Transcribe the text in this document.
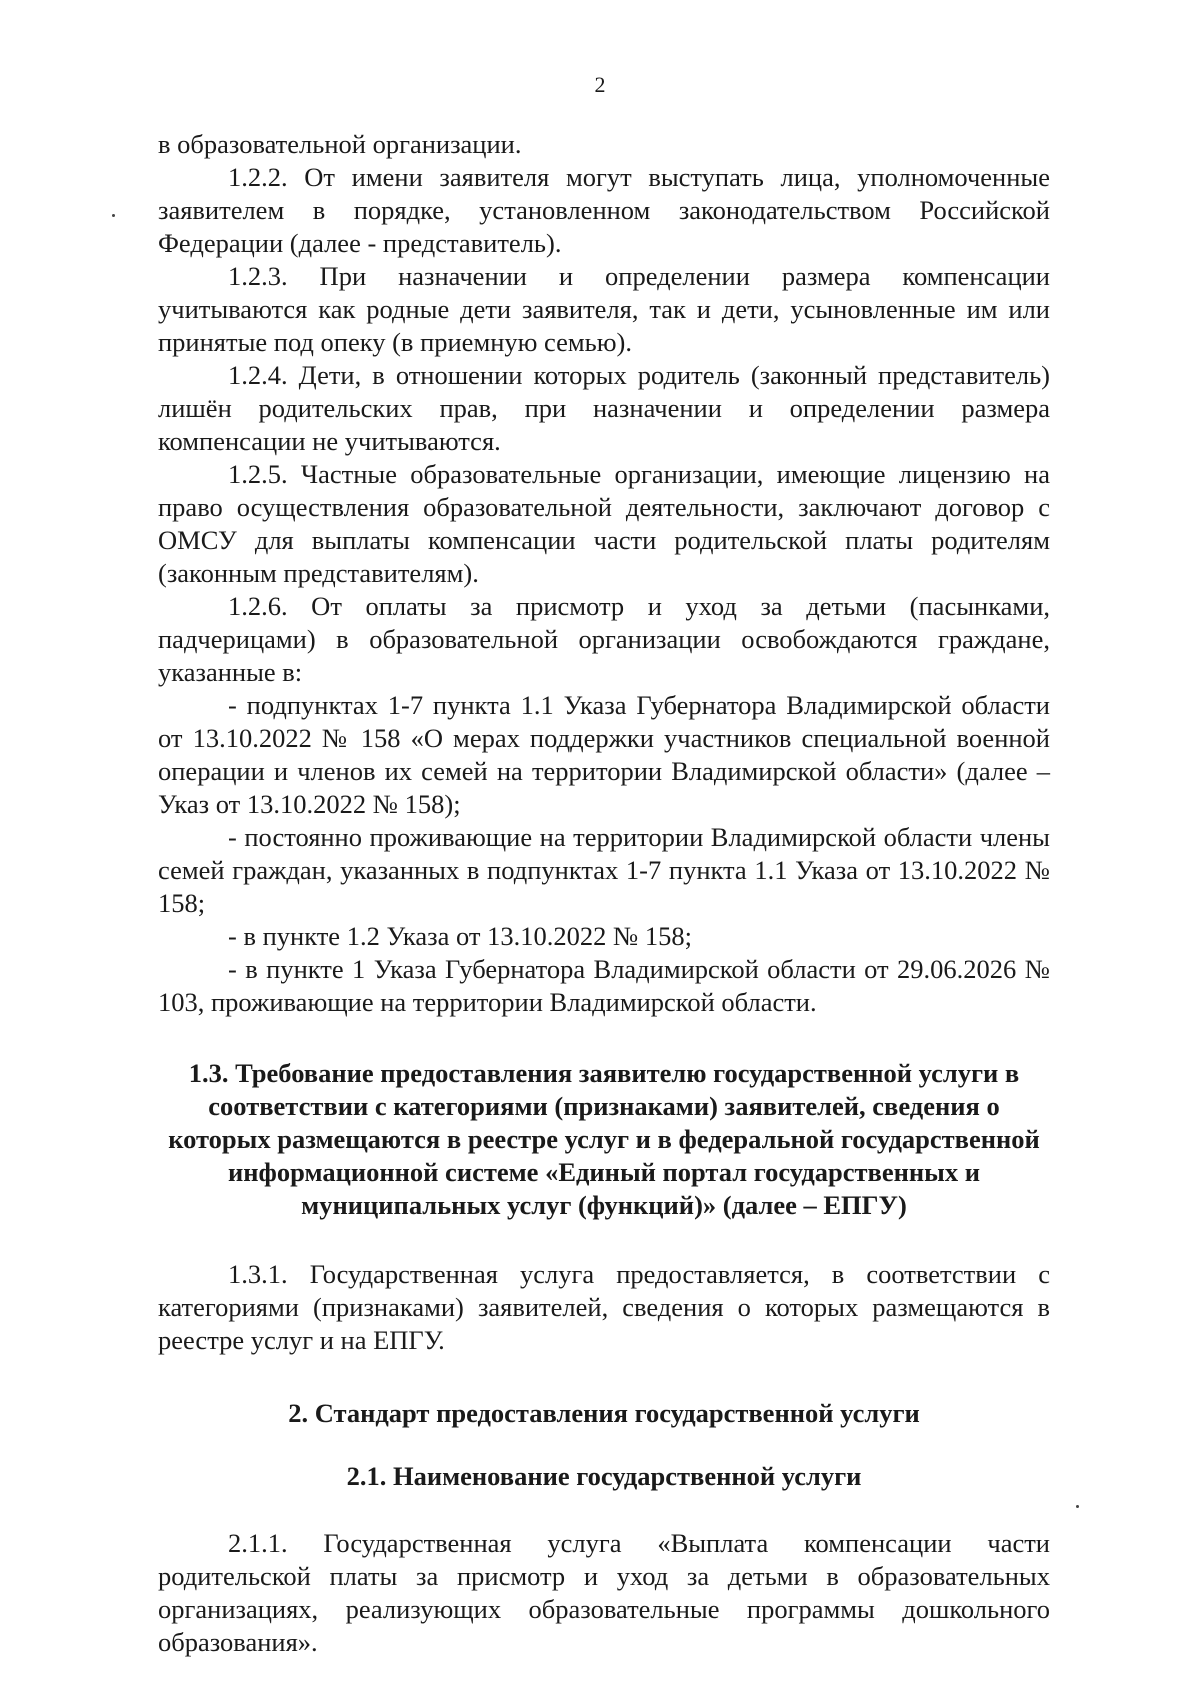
2

в образовательной организации.

1.2.2. От имени заявителя могут выступать лица, уполномоченные заявителем в порядке, установленном законодательством Российской Федерации (далее - представитель).

1.2.3. При назначении и определении размера компенсации учитываются как родные дети заявителя, так и дети, усыновленные им или принятые под опеку (в приемную семью).

1.2.4. Дети, в отношении которых родитель (законный представитель) лишён родительских прав, при назначении и определении размера компенсации не учитываются.

1.2.5. Частные образовательные организации, имеющие лицензию на право осуществления образовательной деятельности, заключают договор с ОМСУ для выплаты компенсации части родительской платы родителям (законным представителям).

1.2.6. От оплаты за присмотр и уход за детьми (пасынками, падчерицами) в образовательной организации освобождаются граждане, указанные в:

- подпунктах 1-7 пункта 1.1 Указа Губернатора Владимирской области от 13.10.2022 № 158 «О мерах поддержки участников специальной военной операции и членов их семей на территории Владимирской области» (далее – Указ от 13.10.2022 № 158);

- постоянно проживающие на территории Владимирской области члены семей граждан, указанных в подпунктах 1-7 пункта 1.1 Указа от 13.10.2022 № 158;

- в пункте 1.2 Указа от 13.10.2022 № 158;

- в пункте 1 Указа Губернатора Владимирской области от 29.06.2026 № 103, проживающие на территории Владимирской области.

1.3. Требование предоставления заявителю государственной услуги в соответствии с категориями (признаками) заявителей, сведения о которых размещаются в реестре услуг и в федеральной государственной информационной системе «Единый портал государственных и муниципальных услуг (функций)» (далее – ЕПГУ)

1.3.1. Государственная услуга предоставляется, в соответствии с категориями (признаками) заявителей, сведения о которых размещаются в реестре услуг и на ЕПГУ.

2. Стандарт предоставления государственной услуги

2.1. Наименование государственной услуги

2.1.1. Государственная услуга «Выплата компенсации части родительской платы за присмотр и уход за детьми в образовательных организациях, реализующих образовательные программы дошкольного образования».
